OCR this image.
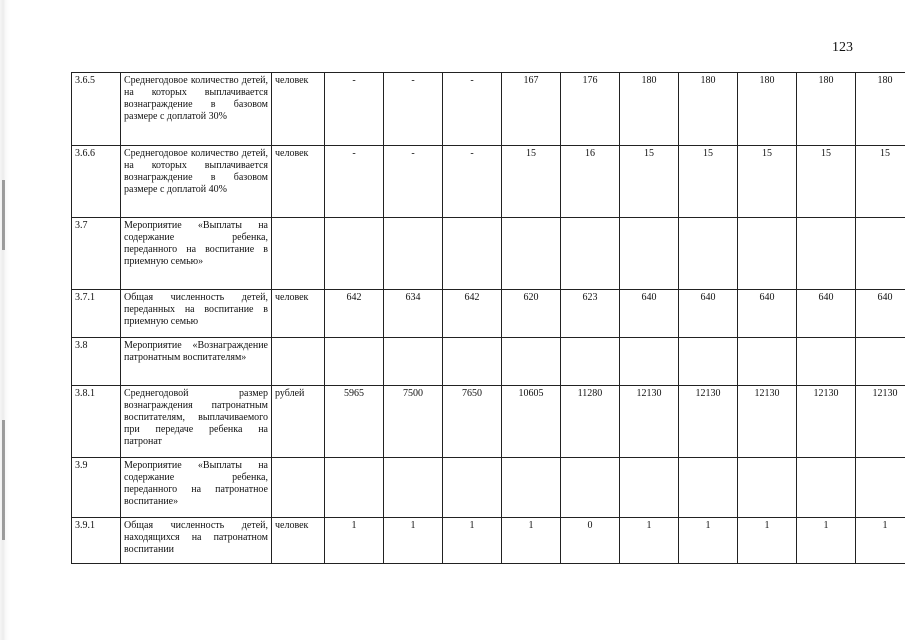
123
3.6.5	Среднегодовое количество детей, на которых выплачивается вознаграждение в базовом размере с доплатой 30%	человек	-	-	-	167	176	180	180	180	180	180
3.6.6	Среднегодовое количество детей, на которых выплачивается вознаграждение в базовом размере с доплатой 40%	человек	-	-	-	15	16	15	15	15	15	15
3.7	Мероприятие «Выплаты на содержание ребенка, переданного на воспитание в приемную семью»											
3.7.1	Общая численность детей, переданных на воспитание в приемную семью	человек	642	634	642	620	623	640	640	640	640	640
3.8	Мероприятие «Вознаграждение патронатным воспитателям»											
3.8.1	Среднегодовой размер вознаграждения патронатным воспитателям, выплачиваемого при передаче ребенка на патронат	рублей	5965	7500	7650	10605	11280	12130	12130	12130	12130	12130
3.9	Мероприятие «Выплаты на содержание ребенка, переданного на патронатное воспитание»											
3.9.1	Общая численность детей, находящихся на патронатном воспитании	человек	1	1	1	1	0	1	1	1	1	1
